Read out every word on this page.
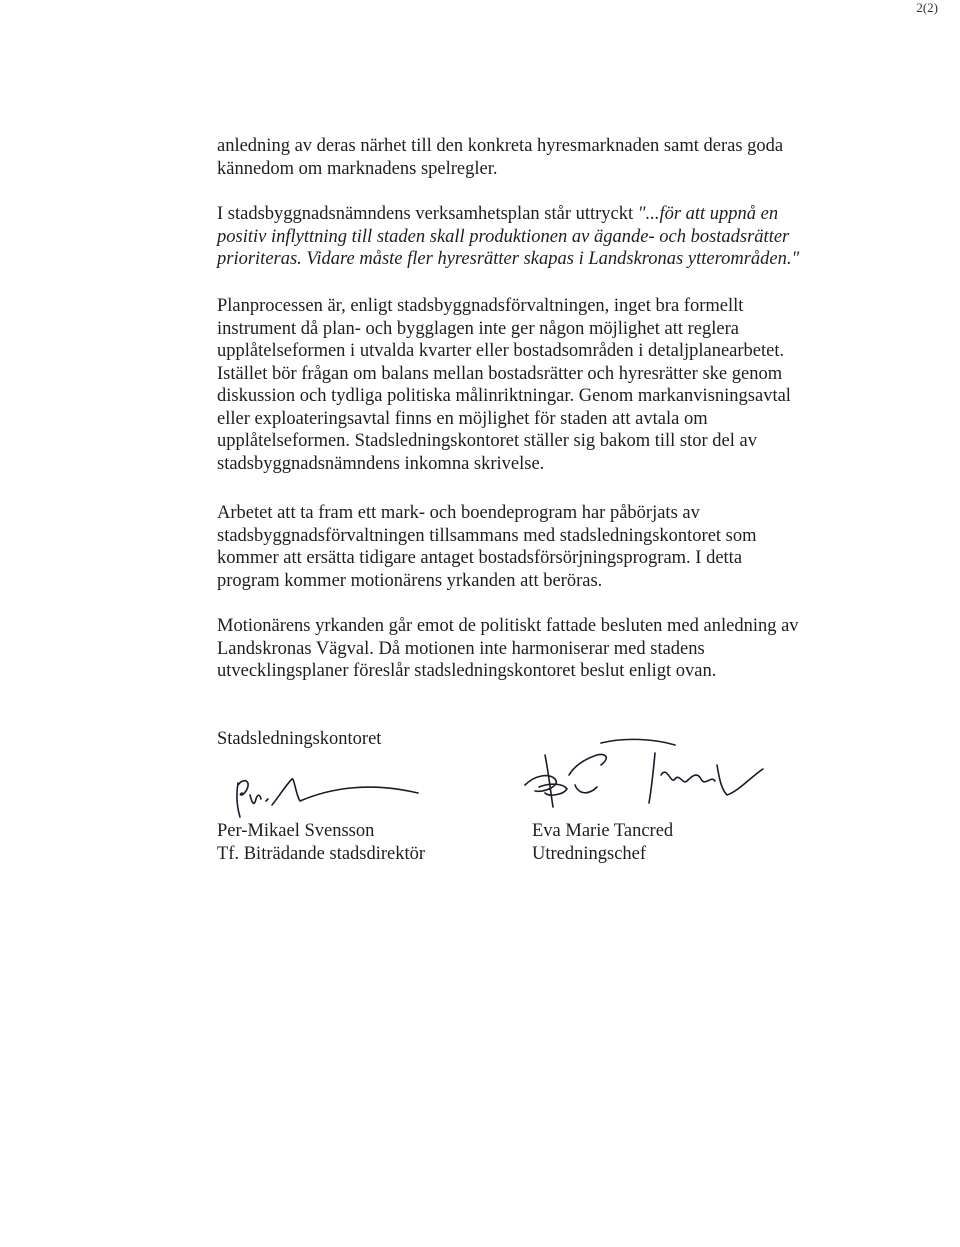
2(2)
anledning av deras närhet till den konkreta hyresmarknaden samt deras goda
kännedom om marknadens spelregler.
I stadsbyggnadsnämndens verksamhetsplan står uttryckt "...för att uppnå en
positiv inflyttning till staden skall produktionen av ägande- och bostadsrätter
prioriteras. Vidare måste fler hyresrätter skapas i Landskronas ytterområden."
Planprocessen är, enligt stadsbyggnadsförvaltningen, inget bra formellt
instrument då plan- och bygglagen inte ger någon möjlighet att reglera
upplåtelseformen i utvalda kvarter eller bostadsområden i detaljplanearbetet.
Istället bör frågan om balans mellan bostadsrätter och hyresrätter ske genom
diskussion och tydliga politiska målinriktningar. Genom markanvisningsavtal
eller exploateringsavtal finns en möjlighet för staden att avtala om
upplåtelseformen. Stadsledningskontoret ställer sig bakom till stor del av
stadsbyggnadsnämndens inkomna skrivelse.
Arbetet att ta fram ett mark- och boendeprogram har påbörjats av
stadsbyggnadsförvaltningen tillsammans med stadsledningskontoret som
kommer att ersätta tidigare antaget bostadsförsörjningsprogram. I detta
program kommer motionärens yrkanden att beröras.
Motionärens yrkanden går emot de politiskt fattade besluten med anledning av
Landskronas Vägval. Då motionen inte harmoniserar med stadens
utvecklingsplaner föreslår stadsledningskontoret beslut enligt ovan.
Stadsledningskontoret
Per-Mikael Svensson
Tf. Biträdande stadsdirektör
Eva Marie Tancred
Utredningschef
